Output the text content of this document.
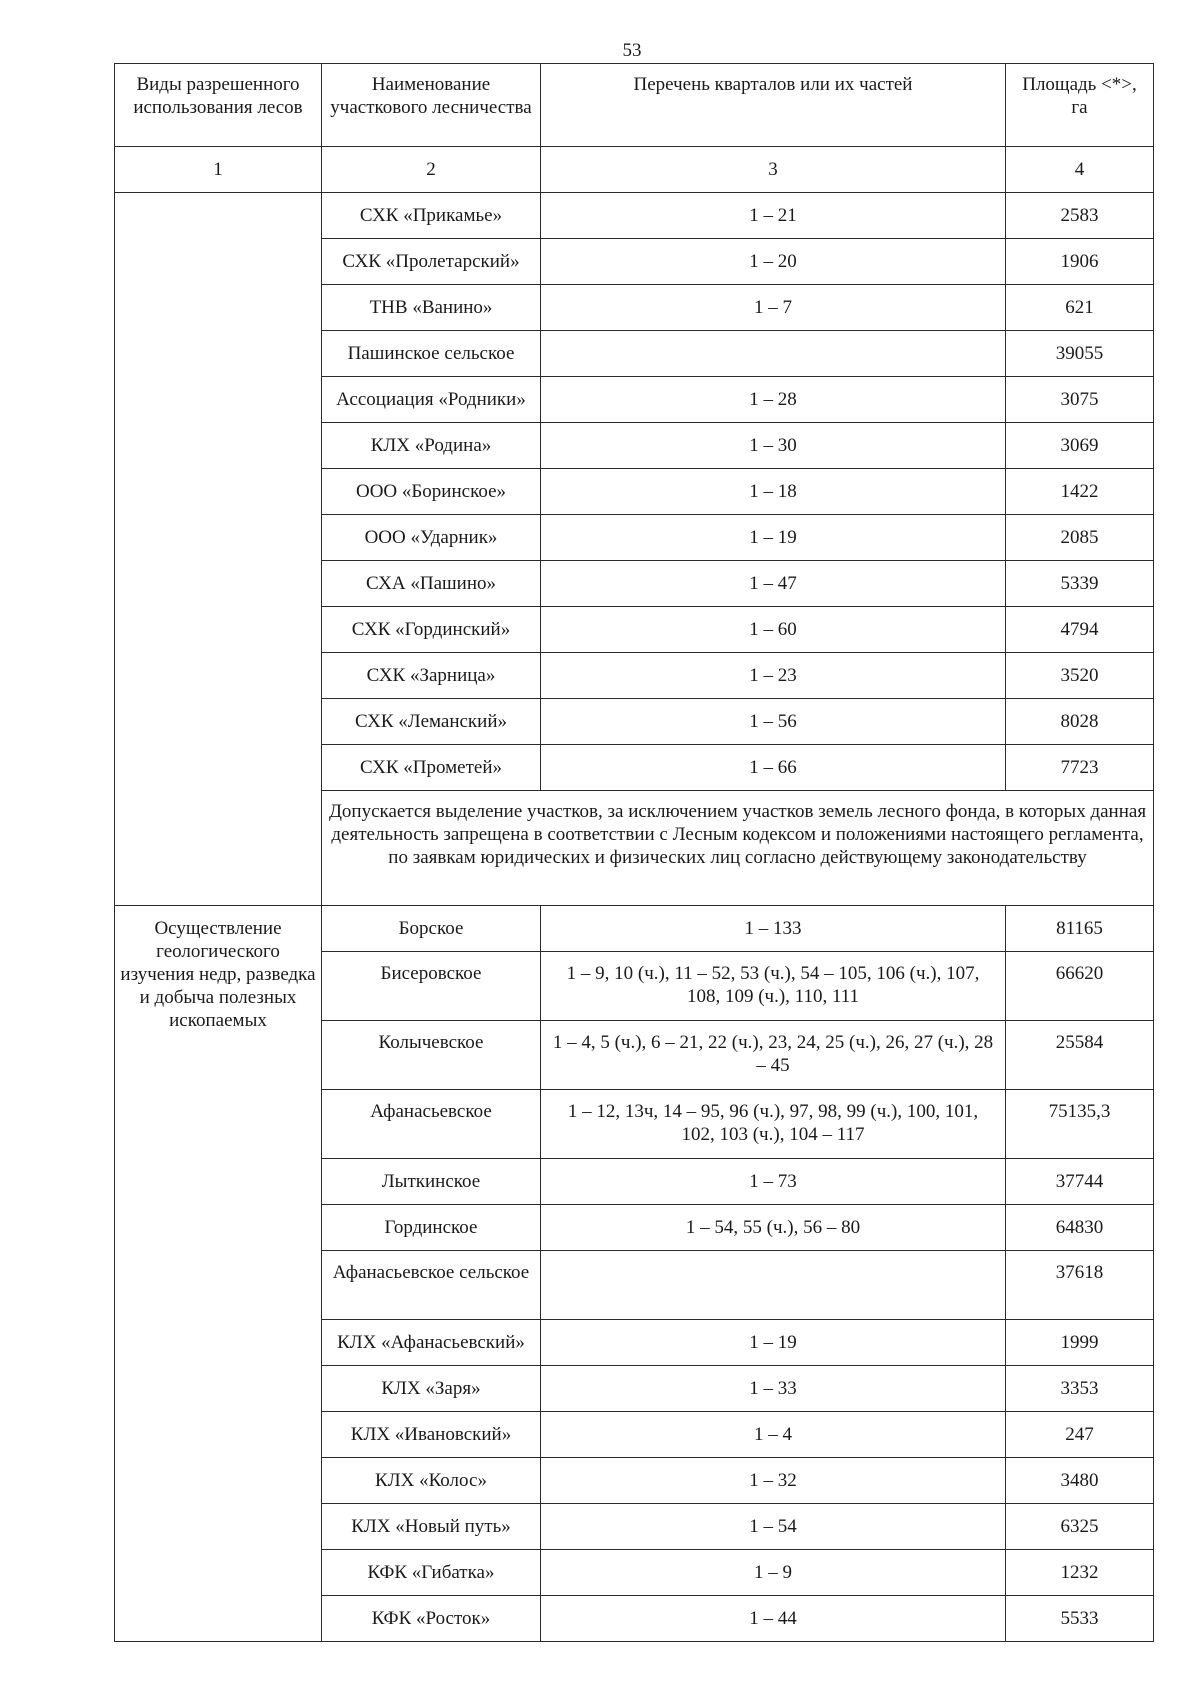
53
Виды разрешенного использования лесов	Наименование участкового лесничества	Перечень кварталов или их частей	Площадь <*>, га
1	2	3	4
	СХК «Прикамье»	1 – 21	2583
	СХК «Пролетарский»	1 – 20	1906
	ТНВ «Ванино»	1 – 7	621
	Пашинское сельское		39055
	Ассоциация «Родники»	1 – 28	3075
	КЛХ «Родина»	1 – 30	3069
	ООО «Боринское»	1 – 18	1422
	ООО «Ударник»	1 – 19	2085
	СХА «Пашино»	1 – 47	5339
	СХК «Гординский»	1 – 60	4794
	СХК «Зарница»	1 – 23	3520
	СХК «Леманский»	1 – 56	8028
	СХК «Прометей»	1 – 66	7723
	Допускается выделение участков, за исключением участков земель лесного фонда, в которых данная деятельность запрещена в соответствии с Лесным кодексом и положениями настоящего регламента, по заявкам юридических и физических лиц согласно действующему законодательству		
Осуществление геологического изучения недр, разведка и добыча полезных ископаемых	Борское	1 – 133	81165
	Бисеровское	1 – 9, 10 (ч.), 11 – 52, 53 (ч.), 54 – 105, 106 (ч.), 107, 108, 109 (ч.), 110, 111	66620
	Колычевское	1 – 4, 5 (ч.), 6 – 21, 22 (ч.), 23, 24, 25 (ч.), 26, 27 (ч.), 28 – 45	25584
	Афанасьевское	1 – 12, 13ч, 14 – 95, 96 (ч.), 97, 98, 99 (ч.), 100, 101, 102, 103 (ч.), 104 – 117	75135,3
	Лыткинское	1 – 73	37744
	Гординское	1 – 54, 55 (ч.), 56 – 80	64830
	Афанасьевское сельское		37618
	КЛХ «Афанасьевский»	1 – 19	1999
	КЛХ «Заря»	1 – 33	3353
	КЛХ «Ивановский»	1 – 4	247
	КЛХ «Колос»	1 – 32	3480
	КЛХ «Новый путь»	1 – 54	6325
	КФК «Гибатка»	1 – 9	1232
	КФК «Росток»	1 – 44	5533
